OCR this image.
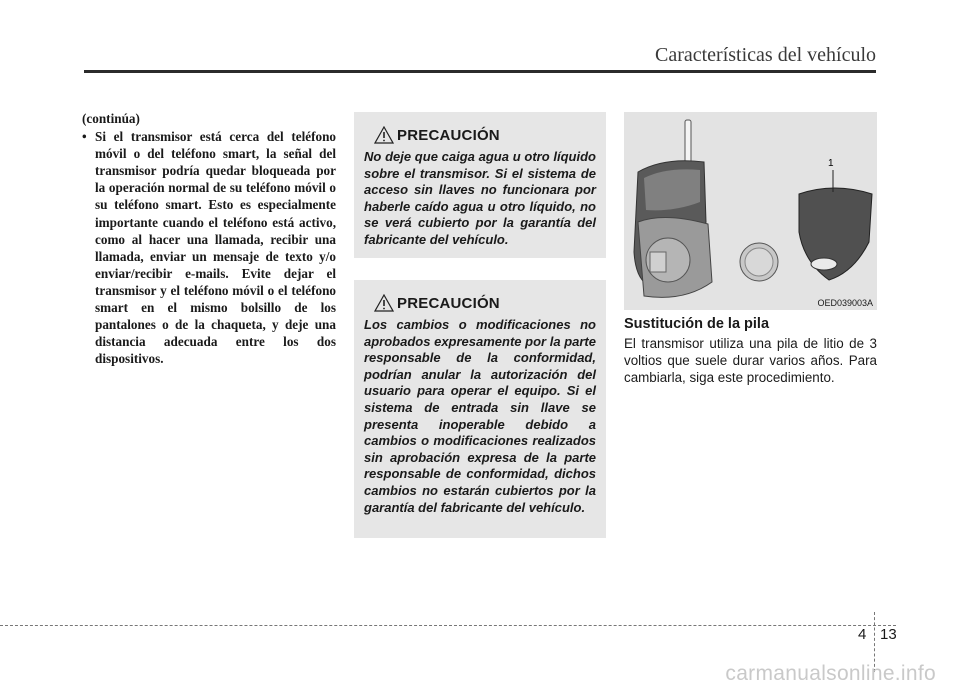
Características del vehículo
(continúa)
• Si el transmisor está cerca del teléfono móvil o del teléfono smart, la señal del transmisor podría quedar bloqueada por la operación normal de su teléfono móvil o su teléfono smart. Esto es especialmente importante cuando el teléfono está activo, como al hacer una llamada, recibir una llamada, enviar un mensaje de texto y/o enviar/recibir e-mails. Evite dejar el transmisor y el teléfono móvil o el teléfono smart en el mismo bolsillo de los pantalones o de la chaqueta, y deje una distancia adecuada entre los dos dispositivos.
PRECAUCIÓN
No deje que caiga agua u otro líquido sobre el transmisor. Si el sistema de acceso sin llaves no funcionara por haberle caído agua u otro líquido, no se verá cubierto por la garantía del fabricante del vehículo.
PRECAUCIÓN
Los cambios o modificaciones no aprobados expresamente por la parte responsable de la conformidad, podrían anular la autorización del usuario para operar el equipo. Si el sistema de entrada sin llave se presenta inoperable debido a cambios o modificaciones realizados sin aprobación expresa de la parte responsable de conformidad, dichos cambios no estarán cubiertos por la garantía del fabricante del vehículo.
1
OED039003A
Sustitución de la pila
El transmisor utiliza una pila de litio de 3 voltios que suele durar varios años. Para cambiarla, siga este procedimiento.
4 13
carmanualsonline.info
